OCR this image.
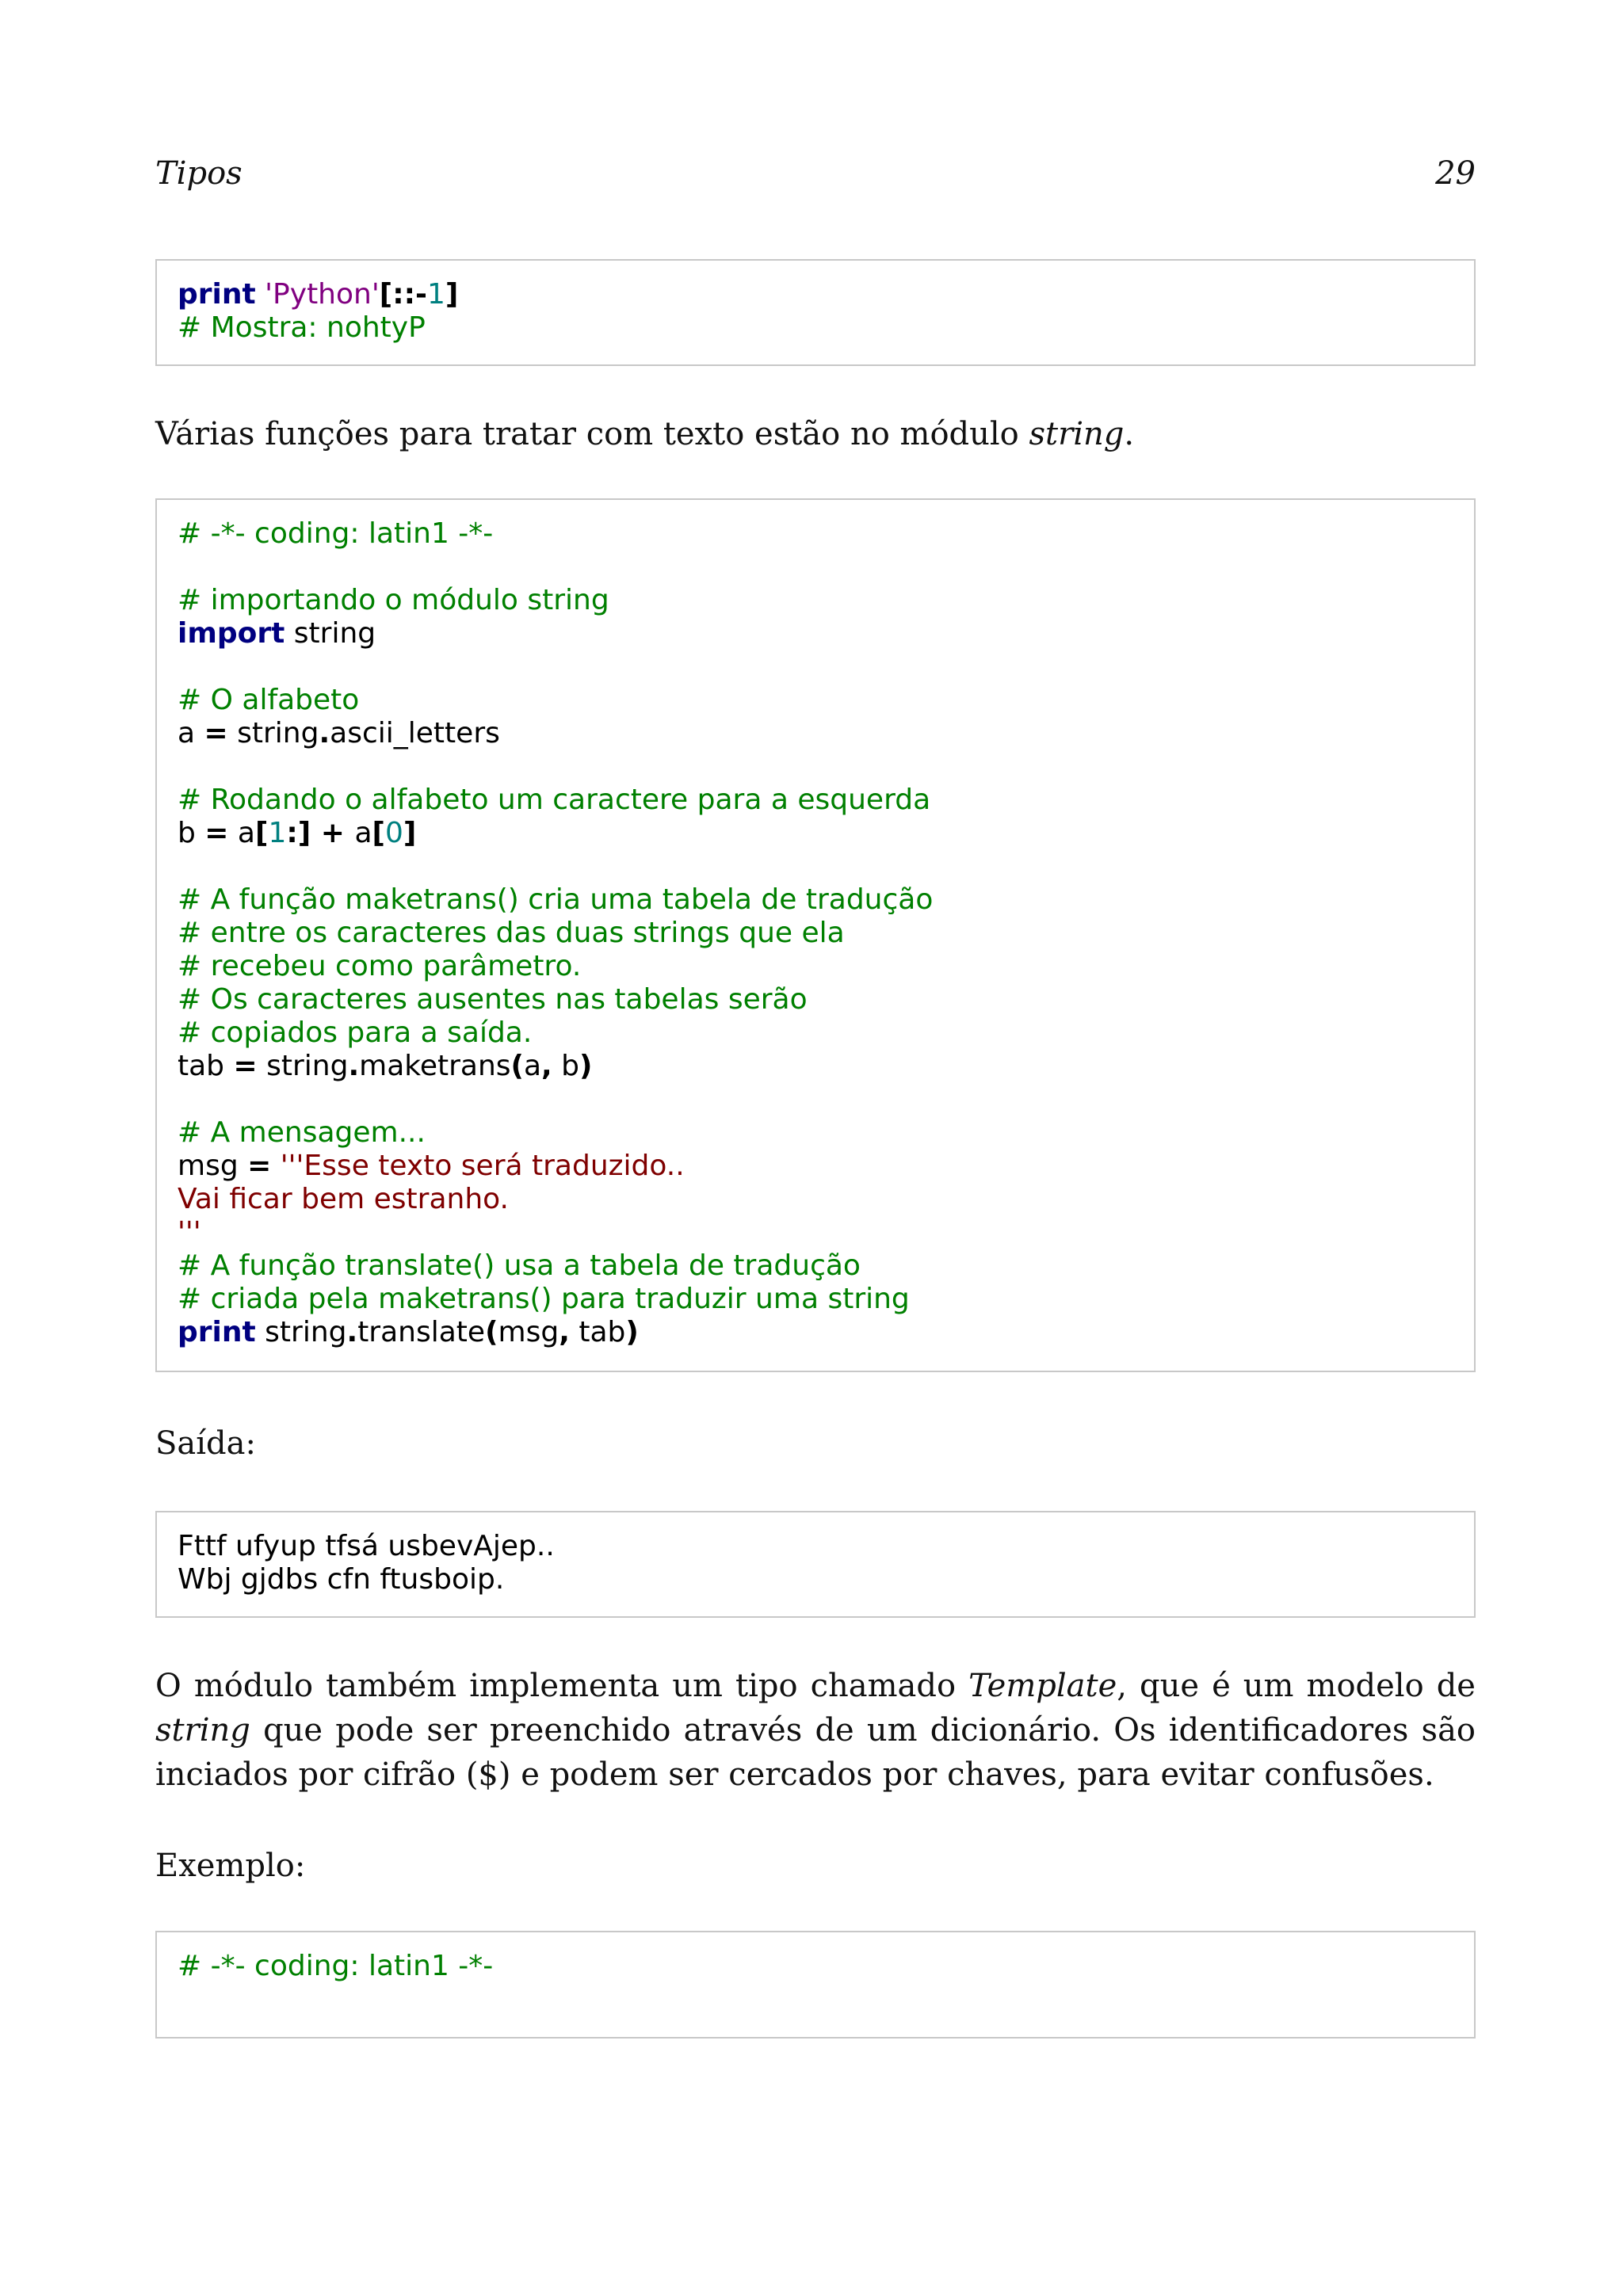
Tipos	29
print 'Python'[::-1]
# Mostra: nohtyP
Várias funções para tratar com texto estão no módulo string.
# -*- coding: latin1 -*-
# importando o módulo string
import string
# O alfabeto
a = string.ascii_letters
# Rodando o alfabeto um caractere para a esquerda
b = a[1:] + a[0]
# A função maketrans() cria uma tabela de tradução
# entre os caracteres das duas strings que ela
# recebeu como parâmetro.
# Os caracteres ausentes nas tabelas serão
# copiados para a saída.
tab = string.maketrans(a, b)
# A mensagem...
msg = '''Esse texto será traduzido..
Vai ficar bem estranho.
'''
# A função translate() usa a tabela de tradução
# criada pela maketrans() para traduzir uma string
print string.translate(msg, tab)
Saída:
Fttf ufyup tfsá usbevAjep..
Wbj gjdbs cfn ftusboip.
O módulo também implementa um tipo chamado Template, que é um modelo de string que pode ser preenchido através de um dicionário. Os identificadores são inciados por cifrão ($) e podem ser cercados por chaves, para evitar confusões.
Exemplo:
# -*- coding: latin1 -*-
